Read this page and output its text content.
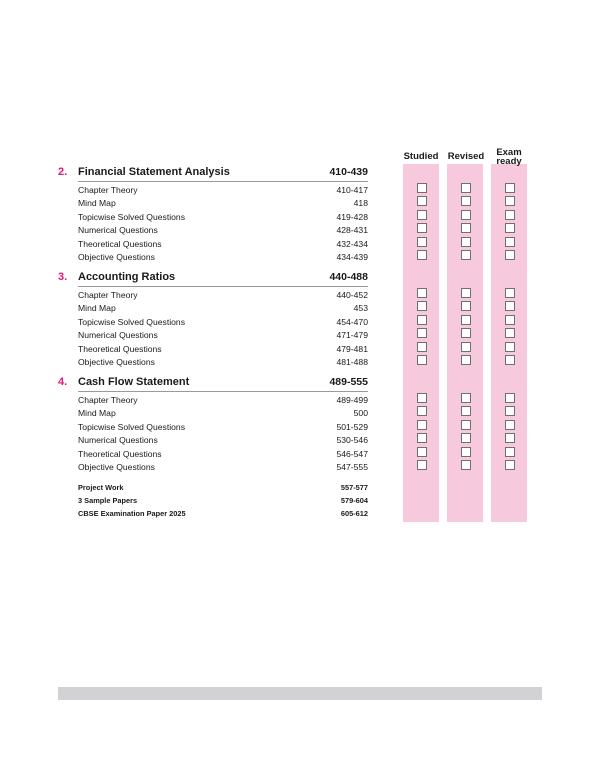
Studied Revised	Exam
ready
2. Financial Statement Analysis	410-439
Chapter Theory	410-417
Mind Map	418
Topicwise Solved Questions	419-428
Numerical Questions	428-431
Theoretical Questions	432-434
Objective Questions	434-439
3. Accounting Ratios	440-488
Chapter Theory	440-452
Mind Map	453
Topicwise Solved Questions	454-470
Numerical Questions	471-479
Theoretical Questions	479-481
Objective Questions	481-488
4. Cash Flow Statement	489-555
Chapter Theory	489-499
Mind Map	500
Topicwise Solved Questions	501-529
Numerical Questions	530-546
Theoretical Questions	546-547
Objective Questions	547-555
Project Work	557-577
3 Sample Papers	579-604
CBSE Examination Paper 2025	605-612
